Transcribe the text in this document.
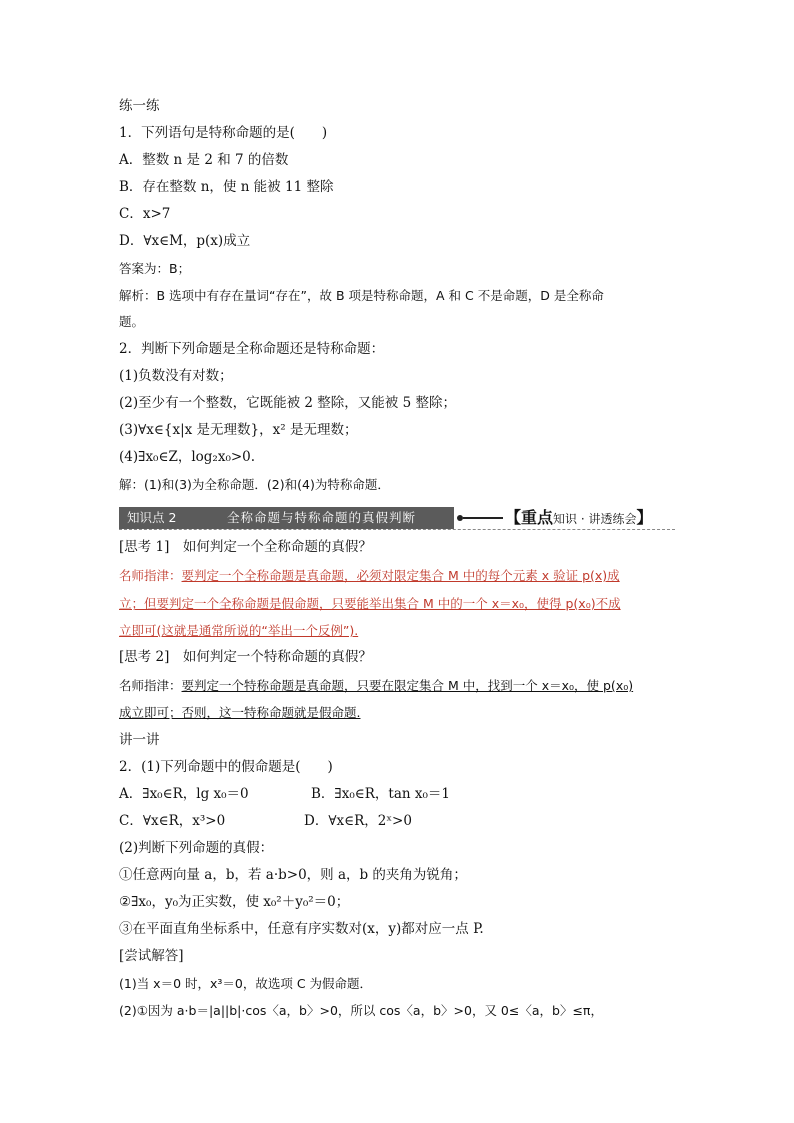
练一练
1．下列语句是特称命题的是(　　)
A．整数 n 是 2 和 7 的倍数
B．存在整数 n，使 n 能被 11 整除
C．x>7
D．∀x∈M，p(x)成立
答案为：B；
解析：B 选项中有存在量词“存在”，故 B 项是特称命题，A 和 C 不是命题，D 是全称命
题。
2．判断下列命题是全称命题还是特称命题：
(1)负数没有对数；
(2)至少有一个整数，它既能被 2 整除，又能被 5 整除；
(3)∀x∈{x|x 是无理数}，x² 是无理数；
(4)∃x₀∈Z，log₂x₀>0.
解：(1)和(3)为全称命题．(2)和(4)为特称命题．
知识点 2	全称命题与特称命题的真假判断	【重点知识 · 讲透练会】
[思考 1]　如何判定一个全称命题的真假？
名师指津：要判定一个全称命题是真命题，必须对限定集合 M 中的每个元素 x 验证 p(x)成
立；但要判定一个全称命题是假命题，只要能举出集合 M 中的一个 x＝x₀，使得 p(x₀)不成
立即可(这就是通常所说的“举出一个反例”).
[思考 2]　如何判定一个特称命题的真假？
名师指津：要判定一个特称命题是真命题，只要在限定集合 M 中，找到一个 x＝x₀，使 p(x₀)
成立即可；否则，这一特称命题就是假命题.
讲一讲
2．(1)下列命题中的假命题是(　　)
A．∃x₀∈R，lg x₀＝0	B．∃x₀∈R，tan x₀＝1
C．∀x∈R，x³>0	D．∀x∈R，2ˣ>0
(2)判断下列命题的真假：
①任意两向量 a，b，若 a·b>0，则 a，b 的夹角为锐角；
②∃x₀，y₀为正实数，使 x₀²＋y₀²＝0；
③在平面直角坐标系中，任意有序实数对(x，y)都对应一点 P.
[尝试解答]
(1)当 x＝0 时，x³＝0，故选项 C 为假命题．
(2)①因为 a·b＝|a||b|·cos〈a，b〉>0，所以 cos〈a，b〉>0，又 0≤〈a，b〉≤π，
